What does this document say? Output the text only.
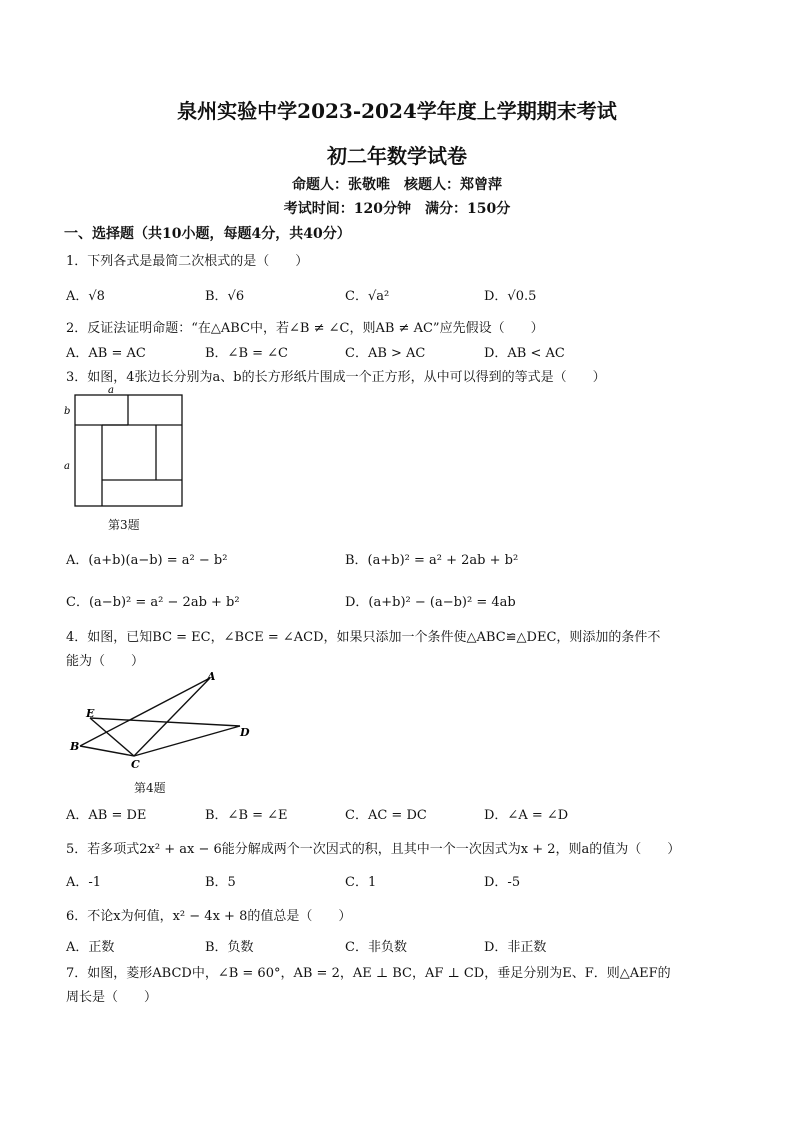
泉州实验中学2023-2024学年度上学期期末考试
初二年数学试卷
命题人：张敬唯　核题人：郑曾萍
考试时间：120分钟　满分：150分
一、选择题（共10小题，每题4分，共40分）
1．下列各式是最简二次根式的是（　　）
A．√8	B．√6	C．√a²	D．√0.5
2．反证法证明命题：“在△ABC中，若∠B ≠ ∠C，则AB ≠ AC”应先假设（　　）
A．AB = AC	B．∠B = ∠C	C．AB > AC	D．AB < AC
3．如图，4张边长分别为a、b的长方形纸片围成一个正方形，从中可以得到的等式是（　　）
a
b
a
第3题
A．(a+b)(a−b) = a² − b²	B．(a+b)² = a² + 2ab + b²
C．(a−b)² = a² − 2ab + b²	D．(a+b)² − (a−b)² = 4ab
4．如图，已知BC = EC，∠BCE = ∠ACD，如果只添加一个条件使△ABC≌△DEC，则添加的条件不
能为（　　）
A
E
D
B
C
第4题
A．AB = DE	B．∠B = ∠E	C．AC = DC	D．∠A = ∠D
5．若多项式2x² + ax − 6能分解成两个一次因式的积，且其中一个一次因式为x + 2，则a的值为（　　）
A．-1	B．5	C．1	D．-5
6．不论x为何值，x² − 4x + 8的值总是（　　）
A．正数	B．负数	C．非负数	D．非正数
7．如图，菱形ABCD中，∠B = 60°，AB = 2，AE ⊥ BC，AF ⊥ CD，垂足分别为E、F．则△AEF的
周长是（　　）
